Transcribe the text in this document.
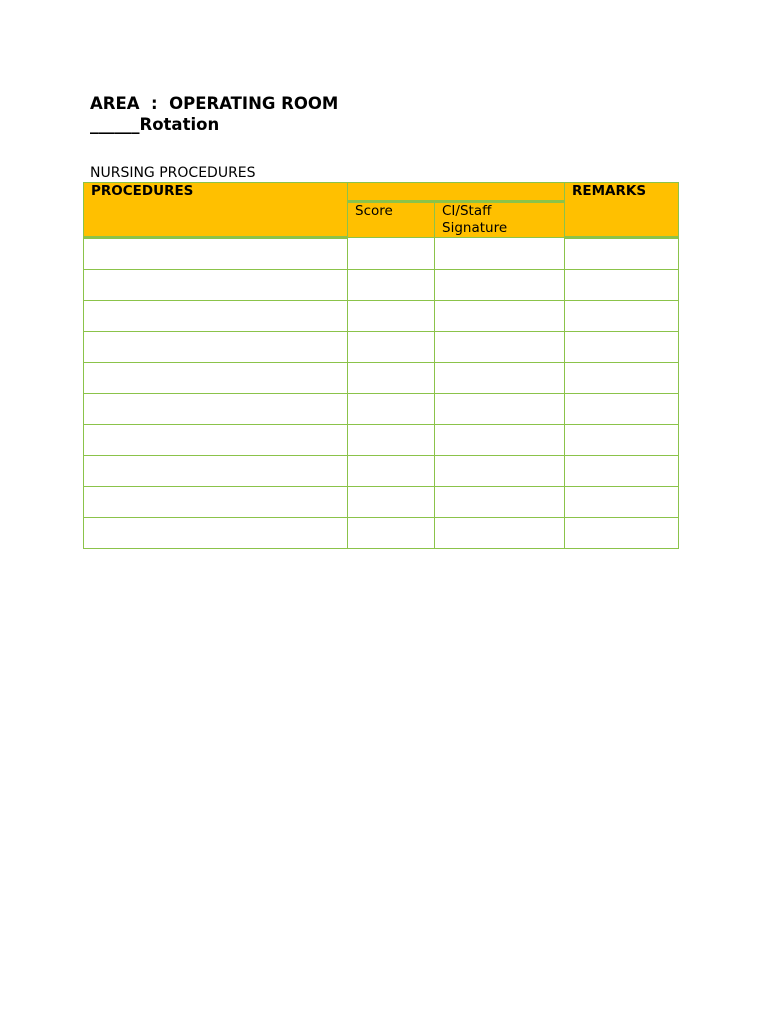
AREA  :  OPERATING ROOM
______Rotation
NURSING PROCEDURES
PROCEDURES			REMARKS
	Score	CI/Staff Signature	
